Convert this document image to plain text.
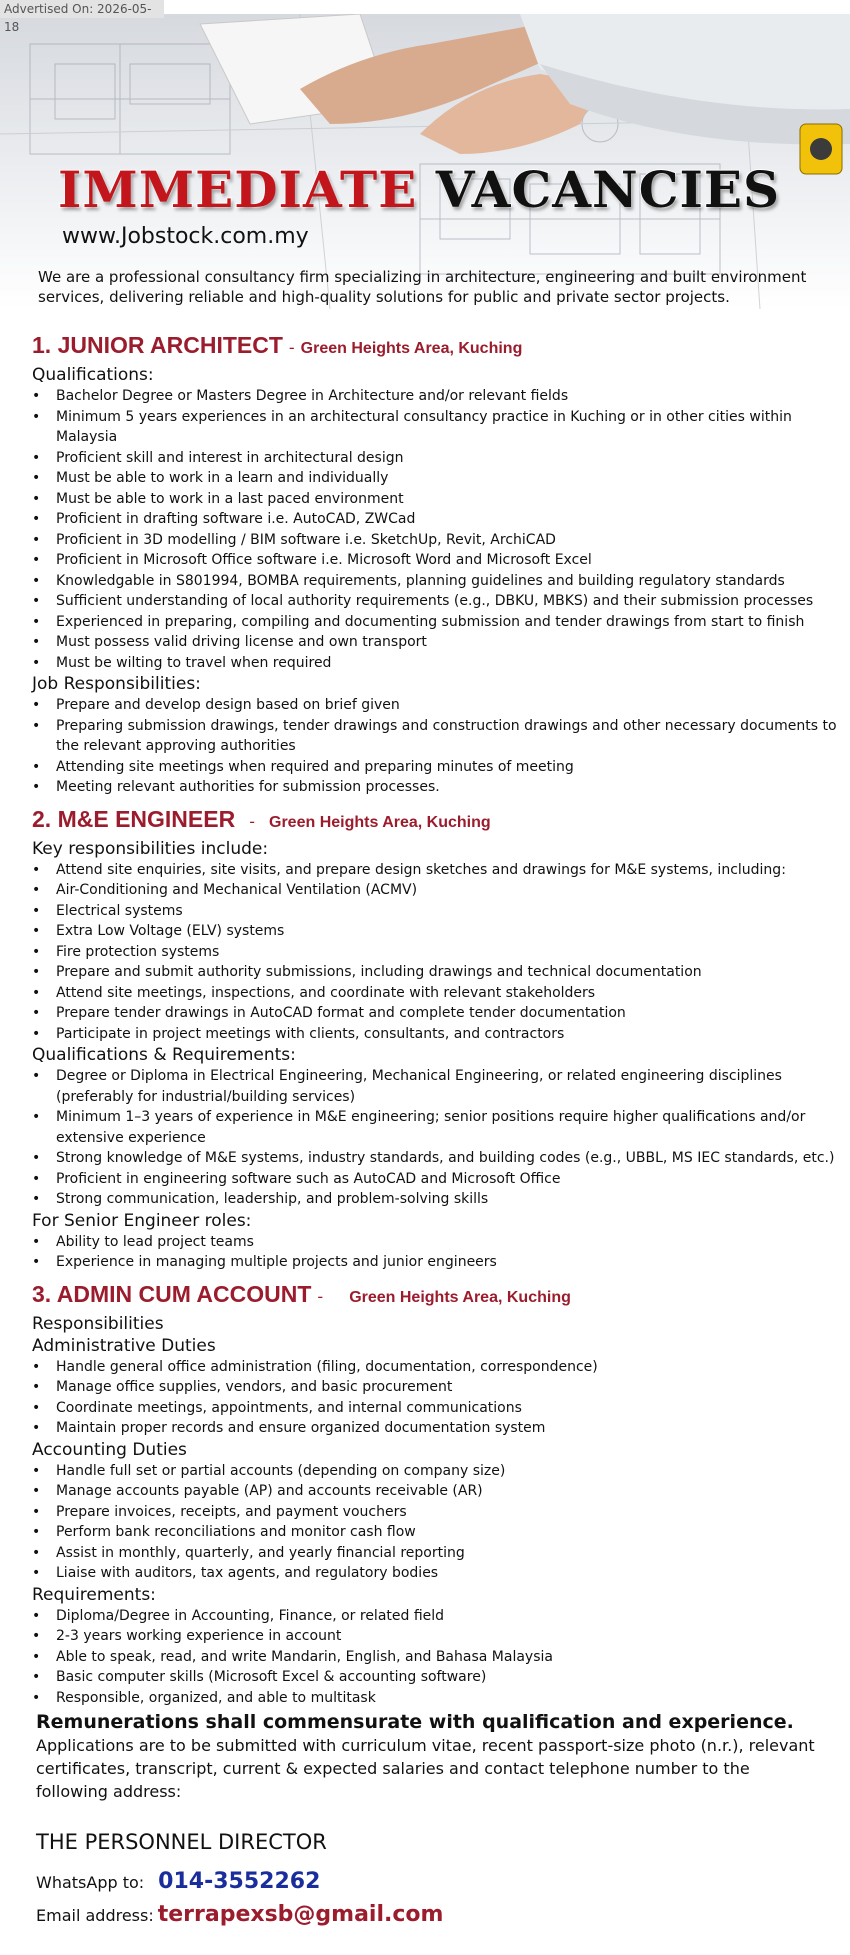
Advertised On: 2026-05-18
IMMEDIATE VACANCIES
www.Jobstock.com.my
We are a professional consultancy firm specializing in architecture, engineering and built environment services, delivering reliable and high-quality solutions for public and private sector projects.
1. JUNIOR ARCHITECT - Green Heights Area, Kuching

Qualifications:

• Bachelor Degree or Masters Degree in Architecture and/or relevant fields
• Minimum 5 years experiences in an architectural consultancy practice in Kuching or in other cities within Malaysia
• Proficient skill and interest in architectural design
• Must be able to work in a learn and individually
• Must be able to work in a last paced environment
• Proficient in drafting software i.e. AutoCAD, ZWCad
• Proficient in 3D modelling / BIM software i.e. SketchUp, Revit, ArchiCAD
• Proficient in Microsoft Office software i.e. Microsoft Word and Microsoft Excel
• Knowledgable in S801994, BOMBA requirements, planning guidelines and building regulatory standards
• Sufficient understanding of local authority requirements (e.g., DBKU, MBKS) and their submission processes
• Experienced in preparing, compiling and documenting submission and tender drawings from start to finish
• Must possess valid driving license and own transport
• Must be wilting to travel when required

Job Responsibilities:

• Prepare and develop design based on brief given
• Preparing submission drawings, tender drawings and construction drawings and other necessary documents to the relevant approving authorities
• Attending site meetings when required and preparing minutes of meeting
• Meeting relevant authorities for submission processes.
2. M&E ENGINEER - Green Heights Area, Kuching

Key responsibilities include:

• Attend site enquiries, site visits, and prepare design sketches and drawings for M&E systems, including:
• Air-Conditioning and Mechanical Ventilation (ACMV)
• Electrical systems
• Extra Low Voltage (ELV) systems
• Fire protection systems
• Prepare and submit authority submissions, including drawings and technical documentation
• Attend site meetings, inspections, and coordinate with relevant stakeholders
• Prepare tender drawings in AutoCAD format and complete tender documentation
• Participate in project meetings with clients, consultants, and contractors

Qualifications & Requirements:

• Degree or Diploma in Electrical Engineering, Mechanical Engineering, or related engineering disciplines (preferably for industrial/building services)
• Minimum 1–3 years of experience in M&E engineering; senior positions require higher qualifications and/or extensive experience
• Strong knowledge of M&E systems, industry standards, and building codes (e.g., UBBL, MS IEC standards, etc.)
• Proficient in engineering software such as AutoCAD and Microsoft Office
• Strong communication, leadership, and problem-solving skills

For Senior Engineer roles:

• Ability to lead project teams
• Experience in managing multiple projects and junior engineers
3. ADMIN CUM ACCOUNT - Green Heights Area, Kuching

Responsibilities

Administrative Duties

• Handle general office administration (filing, documentation, correspondence)
• Manage office supplies, vendors, and basic procurement
• Coordinate meetings, appointments, and internal communications
• Maintain proper records and ensure organized documentation system

Accounting Duties

• Handle full set or partial accounts (depending on company size)
• Manage accounts payable (AP) and accounts receivable (AR)
• Prepare invoices, receipts, and payment vouchers
• Perform bank reconciliations and monitor cash flow
• Assist in monthly, quarterly, and yearly financial reporting
• Liaise with auditors, tax agents, and regulatory bodies

Requirements:

• Diploma/Degree in Accounting, Finance, or related field
• 2-3 years working experience in account
• Able to speak, read, and write Mandarin, English, and Bahasa Malaysia
• Basic computer skills (Microsoft Excel & accounting software)
• Responsible, organized, and able to multitask

Remunerations shall commensurate with qualification and experience.

Applications are to be submitted with curriculum vitae, recent passport-size photo (n.r.), relevant certificates, transcript, current & expected salaries and contact telephone number to the following address:

THE PERSONNEL DIRECTOR
WhatsApp to: 014-3552262
Email address: terrapexsb@gmail.com
